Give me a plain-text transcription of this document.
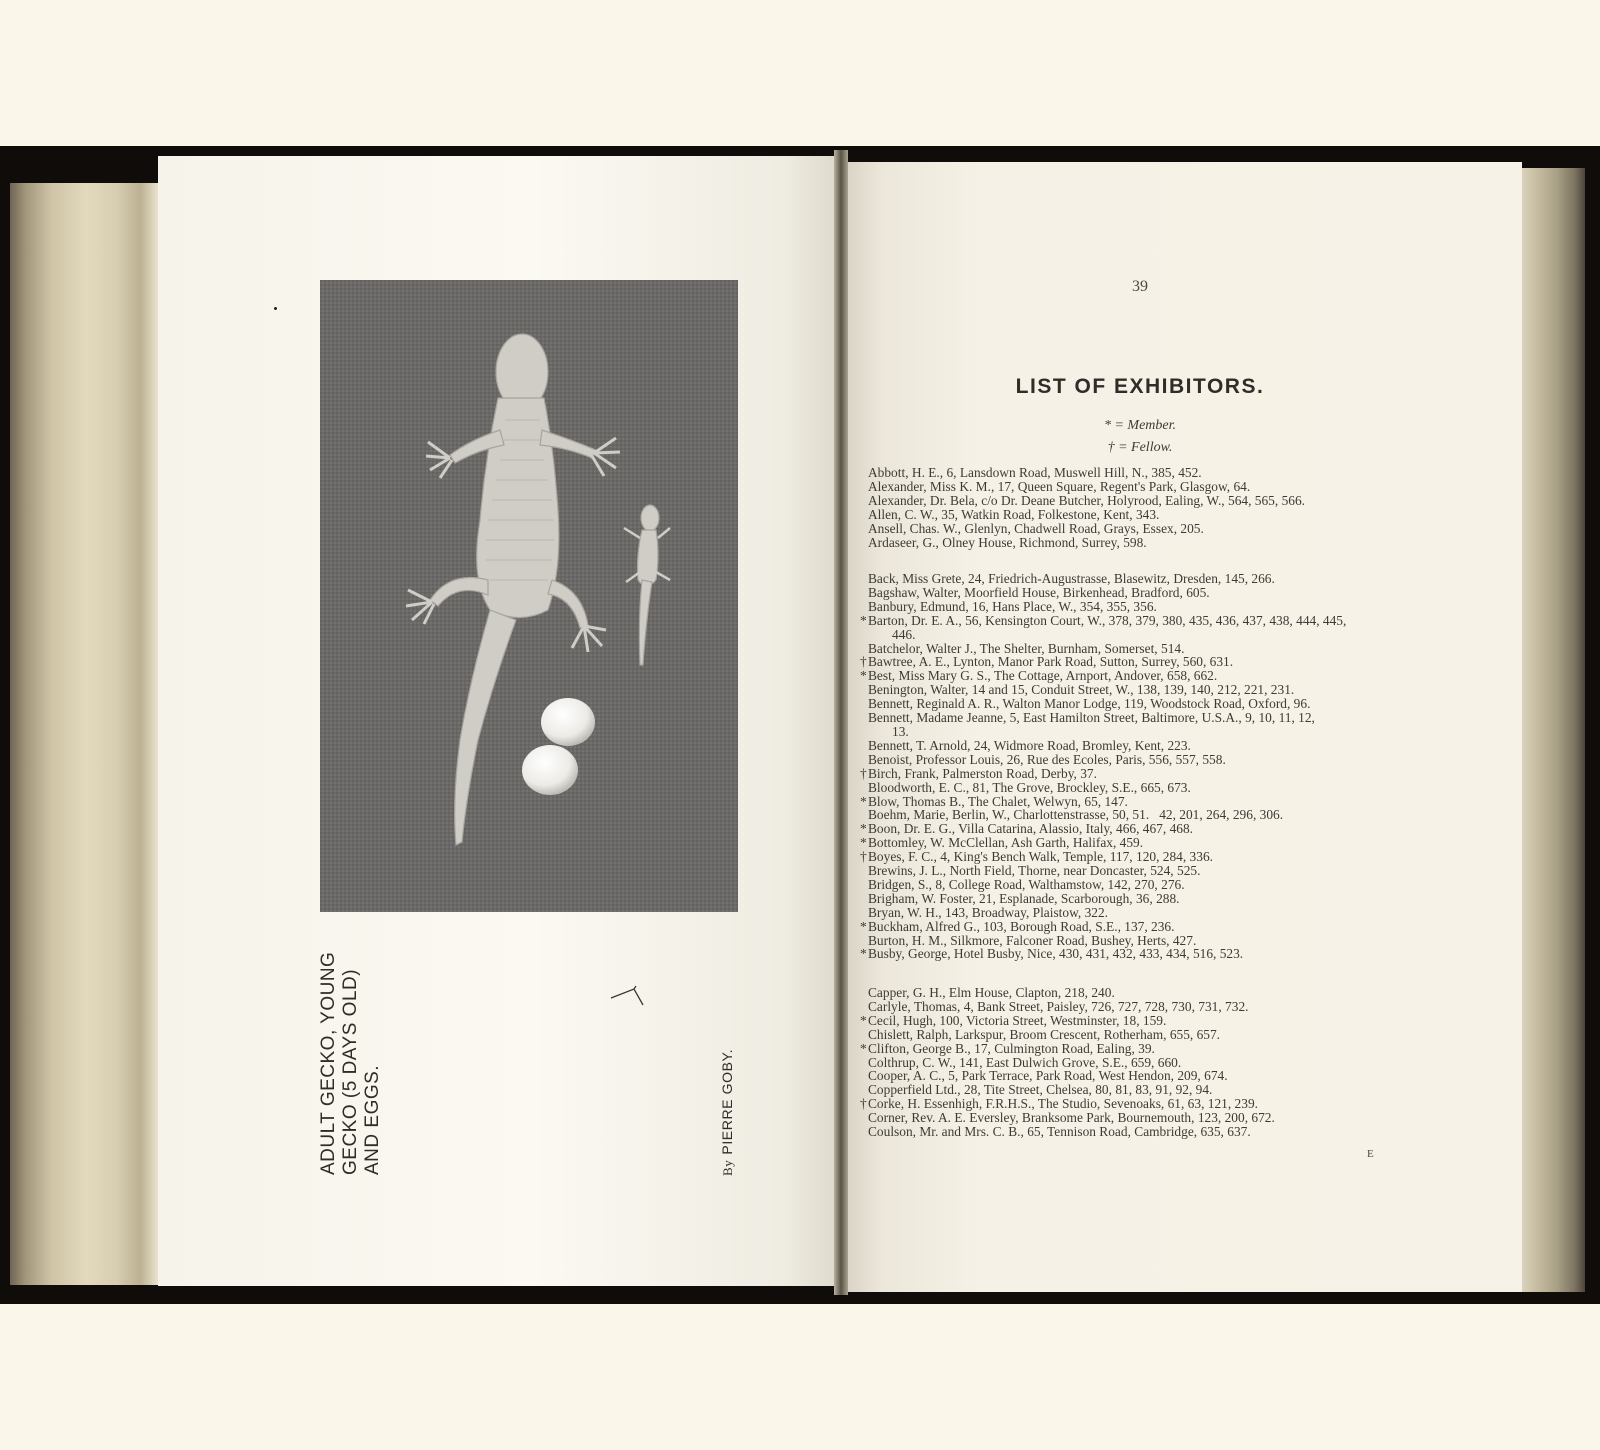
ADULT GECKO, YOUNG
GECKO (5 DAYS OLD)
AND EGGS.
ByPIERRE GOBY.
39
LIST OF EXHIBITORS.
* = Member.
† = Fellow.
Abbott, H. E., 6, Lansdown Road, Muswell Hill, N., 385, 452.
Alexander, Miss K. M., 17, Queen Square, Regent's Park, Glasgow, 64.
Alexander, Dr. Bela, c/o Dr. Deane Butcher, Holyrood, Ealing, W., 564, 565, 566.
Allen, C. W., 35, Watkin Road, Folkestone, Kent, 343.
Ansell, Chas. W., Glenlyn, Chadwell Road, Grays, Essex, 205.
Ardaseer, G., Olney House, Richmond, Surrey, 598.
Back, Miss Grete, 24, Friedrich-Augustrasse, Blasewitz, Dresden, 145, 266.
Bagshaw, Walter, Moorfield House, Birkenhead, Bradford, 605.
Banbury, Edmund, 16, Hans Place, W., 354, 355, 356.
* Barton, Dr. E. A., 56, Kensington Court, W., 378, 379, 380, 435, 436, 437, 438, 444, 445,
446.
Batchelor, Walter J., The Shelter, Burnham, Somerset, 514.
† Bawtree, A. E., Lynton, Manor Park Road, Sutton, Surrey, 560, 631.
* Best, Miss Mary G. S., The Cottage, Arnport, Andover, 658, 662.
Benington, Walter, 14 and 15, Conduit Street, W., 138, 139, 140, 212, 221, 231.
Bennett, Reginald A. R., Walton Manor Lodge, 119, Woodstock Road, Oxford, 96.
Bennett, Madame Jeanne, 5, East Hamilton Street, Baltimore, U.S.A., 9, 10, 11, 12,
13.
Bennett, T. Arnold, 24, Widmore Road, Bromley, Kent, 223.
Benoist, Professor Louis, 26, Rue des Ecoles, Paris, 556, 557, 558.
† Birch, Frank, Palmerston Road, Derby, 37.
Bloodworth, E. C., 81, The Grove, Brockley, S.E., 665, 673.
* Blow, Thomas B., The Chalet, Welwyn, 65, 147.
Boehm, Marie, Berlin, W., Charlottenstrasse, 50, 51.   42, 201, 264, 296, 306.
* Boon, Dr. E. G., Villa Catarina, Alassio, Italy, 466, 467, 468.
* Bottomley, W. McClellan, Ash Garth, Halifax, 459.
† Boyes, F. C., 4, King's Bench Walk, Temple, 117, 120, 284, 336.
Brewins, J. L., North Field, Thorne, near Doncaster, 524, 525.
Bridgen, S., 8, College Road, Walthamstow, 142, 270, 276.
Brigham, W. Foster, 21, Esplanade, Scarborough, 36, 288.
Bryan, W. H., 143, Broadway, Plaistow, 322.
* Buckham, Alfred G., 103, Borough Road, S.E., 137, 236.
Burton, H. M., Silkmore, Falconer Road, Bushey, Herts, 427.
* Busby, George, Hotel Busby, Nice, 430, 431, 432, 433, 434, 516, 523.
Capper, G. H., Elm House, Clapton, 218, 240.
Carlyle, Thomas, 4, Bank Street, Paisley, 726, 727, 728, 730, 731, 732.
* Cecil, Hugh, 100, Victoria Street, Westminster, 18, 159.
Chislett, Ralph, Larkspur, Broom Crescent, Rotherham, 655, 657.
* Clifton, George B., 17, Culmington Road, Ealing, 39.
Colthrup, C. W., 141, East Dulwich Grove, S.E., 659, 660.
Cooper, A. C., 5, Park Terrace, Park Road, West Hendon, 209, 674.
Copperfield Ltd., 28, Tite Street, Chelsea, 80, 81, 83, 91, 92, 94.
† Corke, H. Essenhigh, F.R.H.S., The Studio, Sevenoaks, 61, 63, 121, 239.
Corner, Rev. A. E. Eversley, Branksome Park, Bournemouth, 123, 200, 672.
Coulson, Mr. and Mrs. C. B., 65, Tennison Road, Cambridge, 635, 637.
E
